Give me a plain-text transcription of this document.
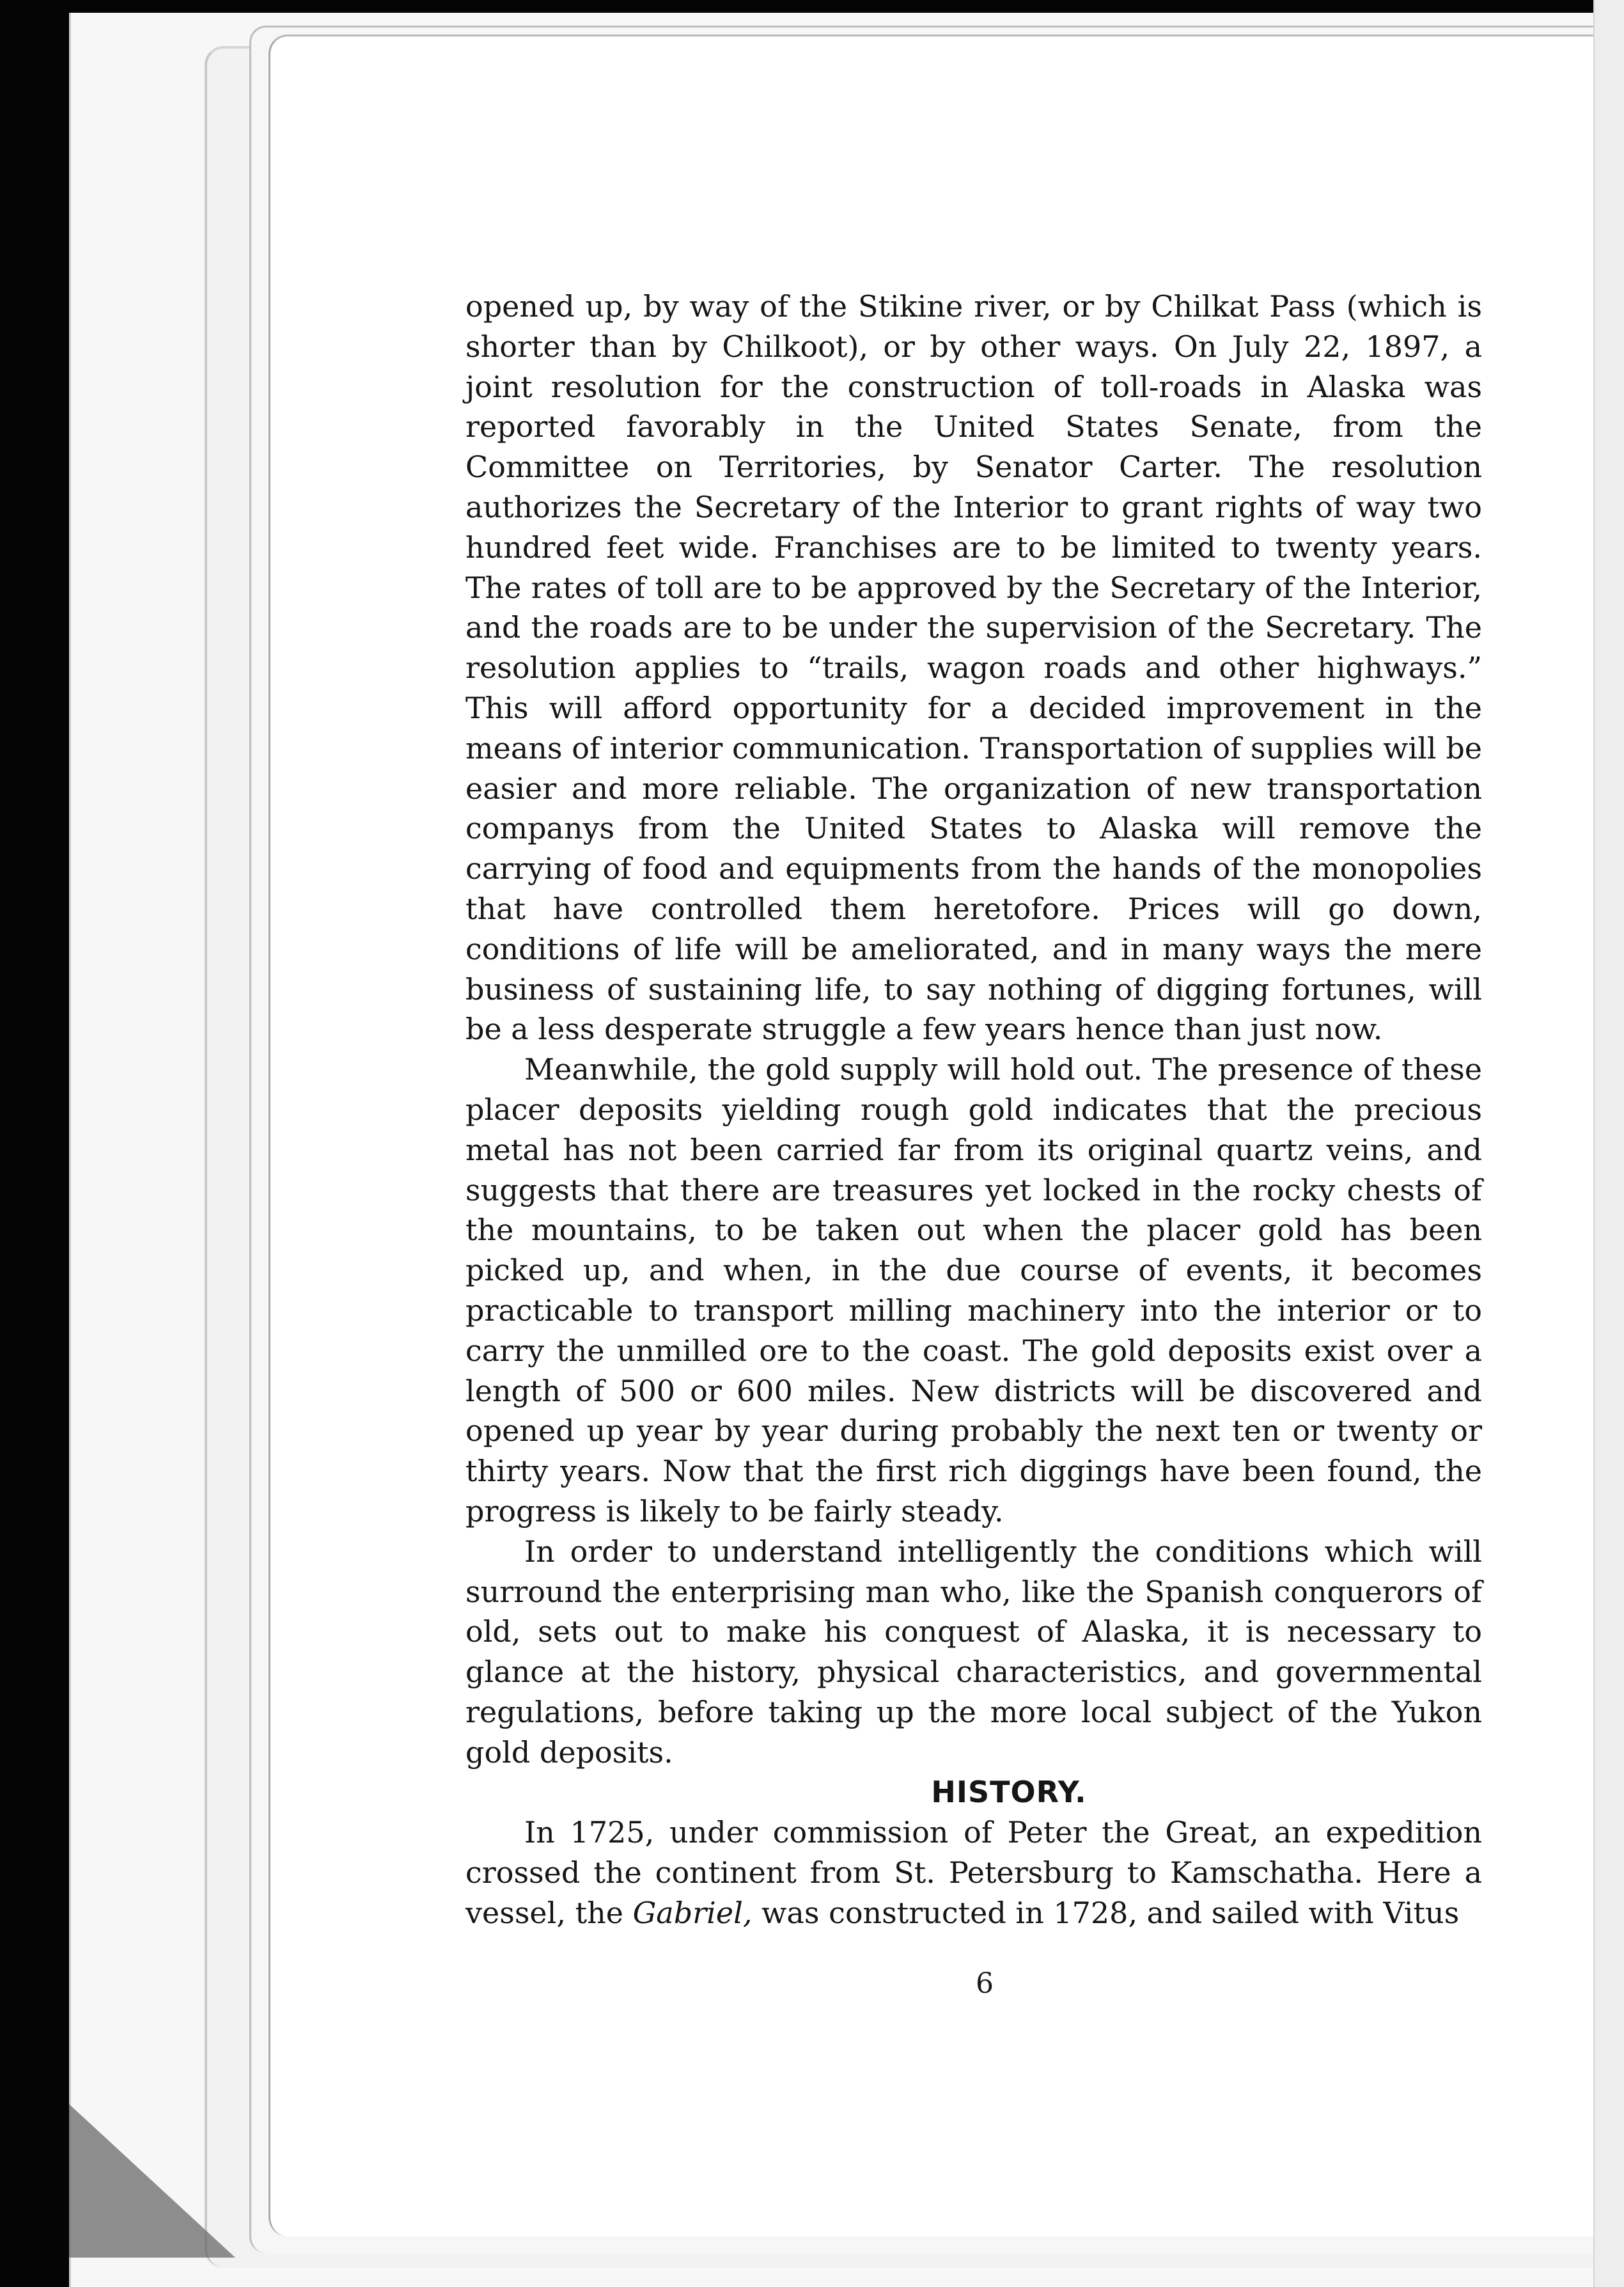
opened up, by way of the Stikine river, or by Chilkat Pass (which is shorter than by Chilkoot), or by other ways. On July 22, 1897, a joint resolution for the construction of toll-roads in Alaska was reported favorably in the United States Senate, from the Committee on Territories, by Senator Carter. The resolution authorizes the Secretary of the Interior to grant rights of way two hundred feet wide. Franchises are to be limited to twenty years. The rates of toll are to be approved by the Secretary of the Interior, and the roads are to be under the supervision of the Secretary. The resolution applies to “trails, wagon roads and other highways.” This will afford opportunity for a decided improvement in the means of interior communication. Transportation of supplies will be easier and more reliable. The organization of new transportation companys from the United States to Alaska will remove the carrying of food and equipments from the hands of the monopolies that have controlled them heretofore. Prices will go down, conditions of life will be ameliorated, and in many ways the mere business of sustaining life, to say nothing of digging fortunes, will be a less desperate struggle a few years hence than just now.

Meanwhile, the gold supply will hold out. The presence of these placer deposits yielding rough gold indicates that the precious metal has not been carried far from its original quartz veins, and suggests that there are treasures yet locked in the rocky chests of the mountains, to be taken out when the placer gold has been picked up, and when, in the due course of events, it becomes practicable to transport milling machinery into the interior or to carry the unmilled ore to the coast. The gold deposits exist over a length of 500 or 600 miles. New districts will be discovered and opened up year by year during probably the next ten or twenty or thirty years. Now that the first rich diggings have been found, the progress is likely to be fairly steady.

In order to understand intelligently the conditions which will surround the enterprising man who, like the Spanish conquerors of old, sets out to make his conquest of Alaska, it is necessary to glance at the history, physical characteristics, and governmental regulations, before taking up the more local subject of the Yukon gold deposits.

HISTORY.

In 1725, under commission of Peter the Great, an expedition crossed the continent from St. Petersburg to Kamschatha. Here a vessel, the Gabriel, was constructed in 1728, and sailed with Vitus

6
